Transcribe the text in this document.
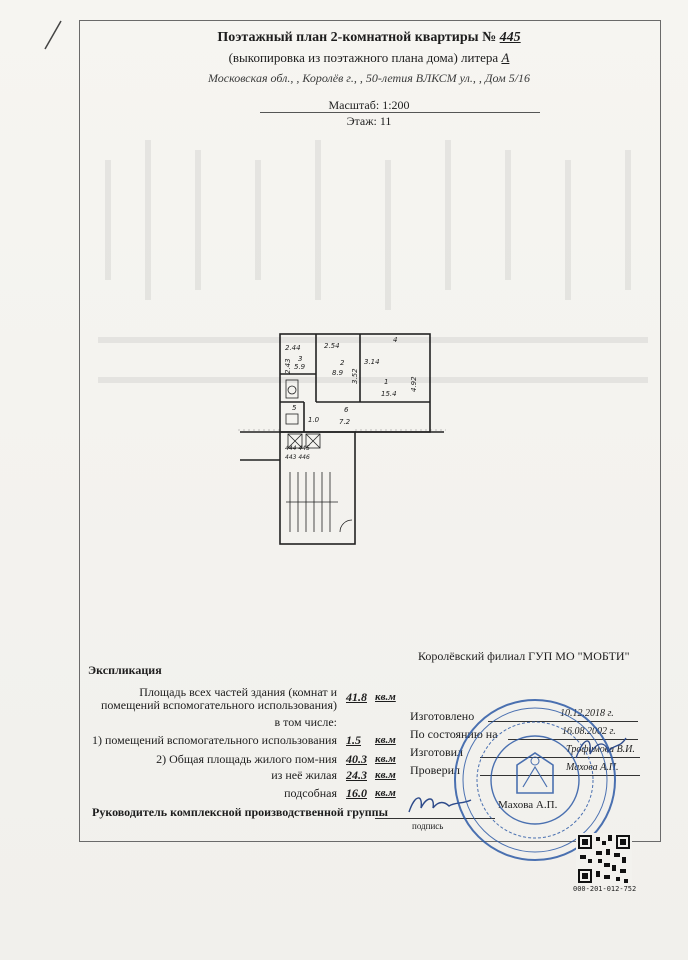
Поэтажный план 2-комнатной квартиры № 445
(выкопировка из поэтажного плана дома) литера А
Московская обл., , Королёв г., , 50-летия ВЛКСМ ул., , Дом 5/16
Масштаб: 1:200
Этаж: 11
2.44
3
5.9
2.54
2
8.9
3.14
1
15.4
6
7.2
5
1.0
4
2.43
3.52
4.92
444 445
443 446
Экспликация
Королёвский филиал ГУП МО "МОБТИ"
Площадь всех частей здания (комнат и помещений вспомогательного использования)
41.8 кв.м
в том числе:
1) помещений вспомогательного использования 1.5 кв.м
2) Общая площадь жилого пом-ния 40.3 кв.м
из неё жилая 24.3 кв.м
подсобная 16.0 кв.м
Руководитель комплексной производственной группы
подпись
Махова А.П.
Изготовлено	10.12.2018 г.
По состоянию на	16.08.2002 г.
Изготовил	Трофимова В.И.
Проверил	Махова А.П.
000-201-012-752
